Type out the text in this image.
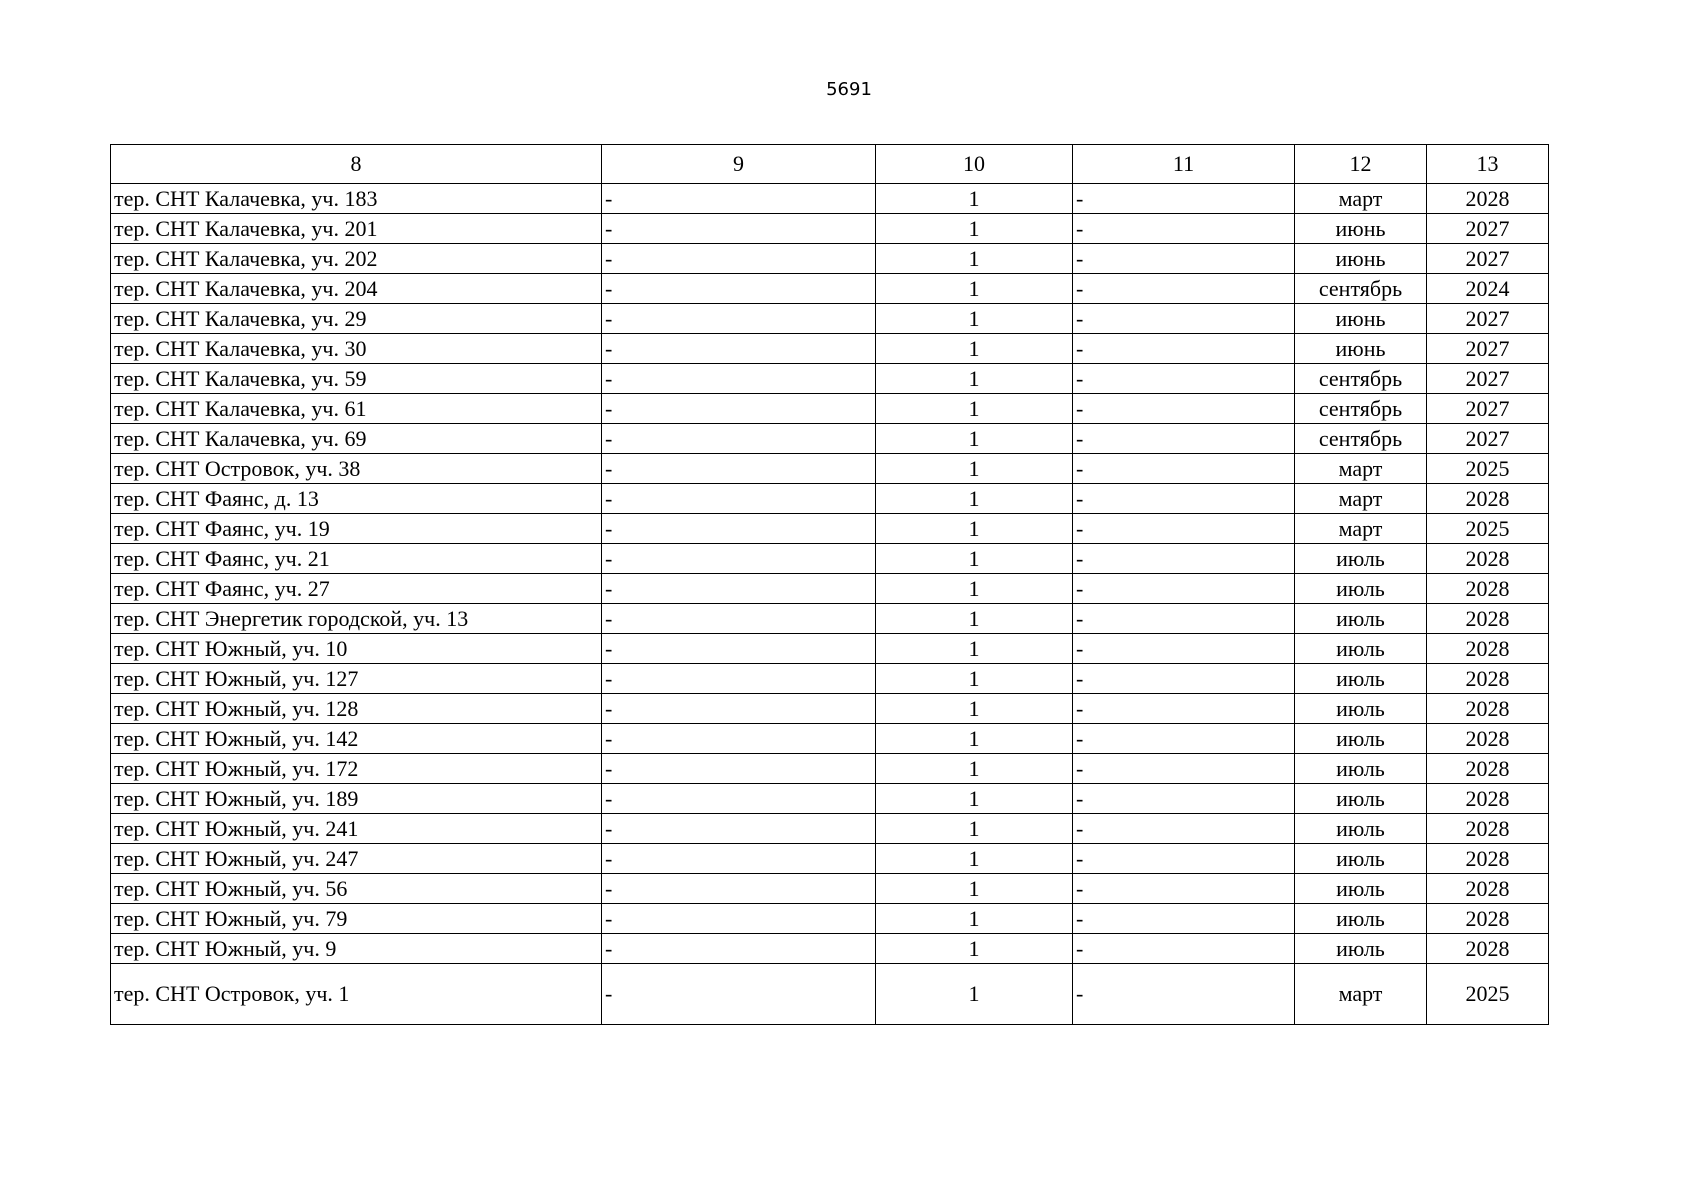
5691
8	9	10	11	12	13
тер. СНТ Калачевка, уч. 183	-	1	-	март	2028
тер. СНТ Калачевка, уч. 201	-	1	-	июнь	2027
тер. СНТ Калачевка, уч. 202	-	1	-	июнь	2027
тер. СНТ Калачевка, уч. 204	-	1	-	сентябрь	2024
тер. СНТ Калачевка, уч. 29	-	1	-	июнь	2027
тер. СНТ Калачевка, уч. 30	-	1	-	июнь	2027
тер. СНТ Калачевка, уч. 59	-	1	-	сентябрь	2027
тер. СНТ Калачевка, уч. 61	-	1	-	сентябрь	2027
тер. СНТ Калачевка, уч. 69	-	1	-	сентябрь	2027
тер. СНТ Островок, уч. 38	-	1	-	март	2025
тер. СНТ Фаянс, д. 13	-	1	-	март	2028
тер. СНТ Фаянс, уч. 19	-	1	-	март	2025
тер. СНТ Фаянс, уч. 21	-	1	-	июль	2028
тер. СНТ Фаянс, уч. 27	-	1	-	июль	2028
тер. СНТ Энергетик городской, уч. 13	-	1	-	июль	2028
тер. СНТ Южный, уч. 10	-	1	-	июль	2028
тер. СНТ Южный, уч. 127	-	1	-	июль	2028
тер. СНТ Южный, уч. 128	-	1	-	июль	2028
тер. СНТ Южный, уч. 142	-	1	-	июль	2028
тер. СНТ Южный, уч. 172	-	1	-	июль	2028
тер. СНТ Южный, уч. 189	-	1	-	июль	2028
тер. СНТ Южный, уч. 241	-	1	-	июль	2028
тер. СНТ Южный, уч. 247	-	1	-	июль	2028
тер. СНТ Южный, уч. 56	-	1	-	июль	2028
тер. СНТ Южный, уч. 79	-	1	-	июль	2028
тер. СНТ Южный, уч. 9	-	1	-	июль	2028
тер. СНТ Островок, уч. 1	-	1	-	март	2025
